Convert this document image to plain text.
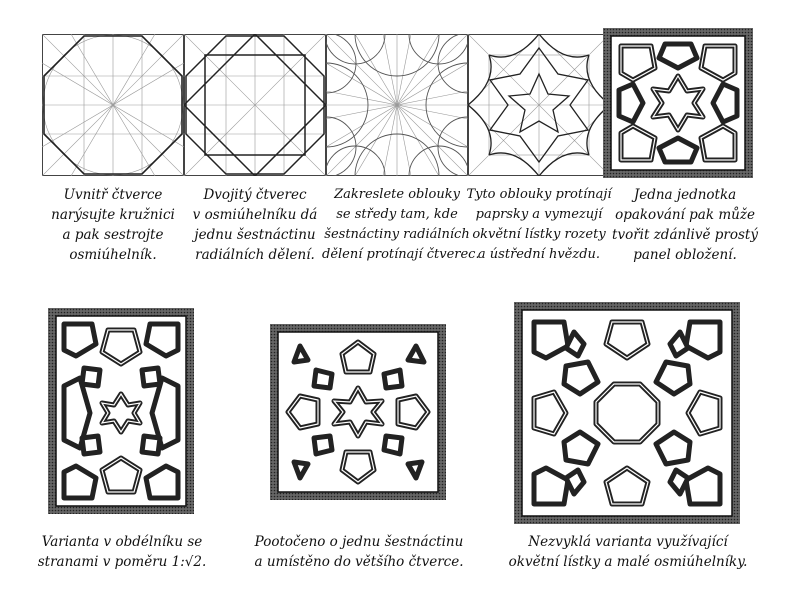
Uvnitř čtverce
narýsujte kružnici
a pak sestrojte
osmiúhelník.
Dvojitý čtverec
v osmiúhelníku dá
jednu šestnáctinu
radiálních dělení.
Zakreslete oblouky
se středy tam, kde
šestnáctiny radiálních
dělení protínají čtverec.
Tyto oblouky protínají
paprsky a vymezují
okvětní lístky rozety
a ústřední hvězdu.
Jedna jednotka
opakování pak může
tvořit zdánlivě prostý
panel obložení.
Varianta v obdélníku se
stranami v poměru 1:√2.
Pootočeno o jednu šestnáctinu
a umístěno do většího čtverce.
Nezvyklá varianta využívající
okvětní lístky a malé osmiúhelníky.
